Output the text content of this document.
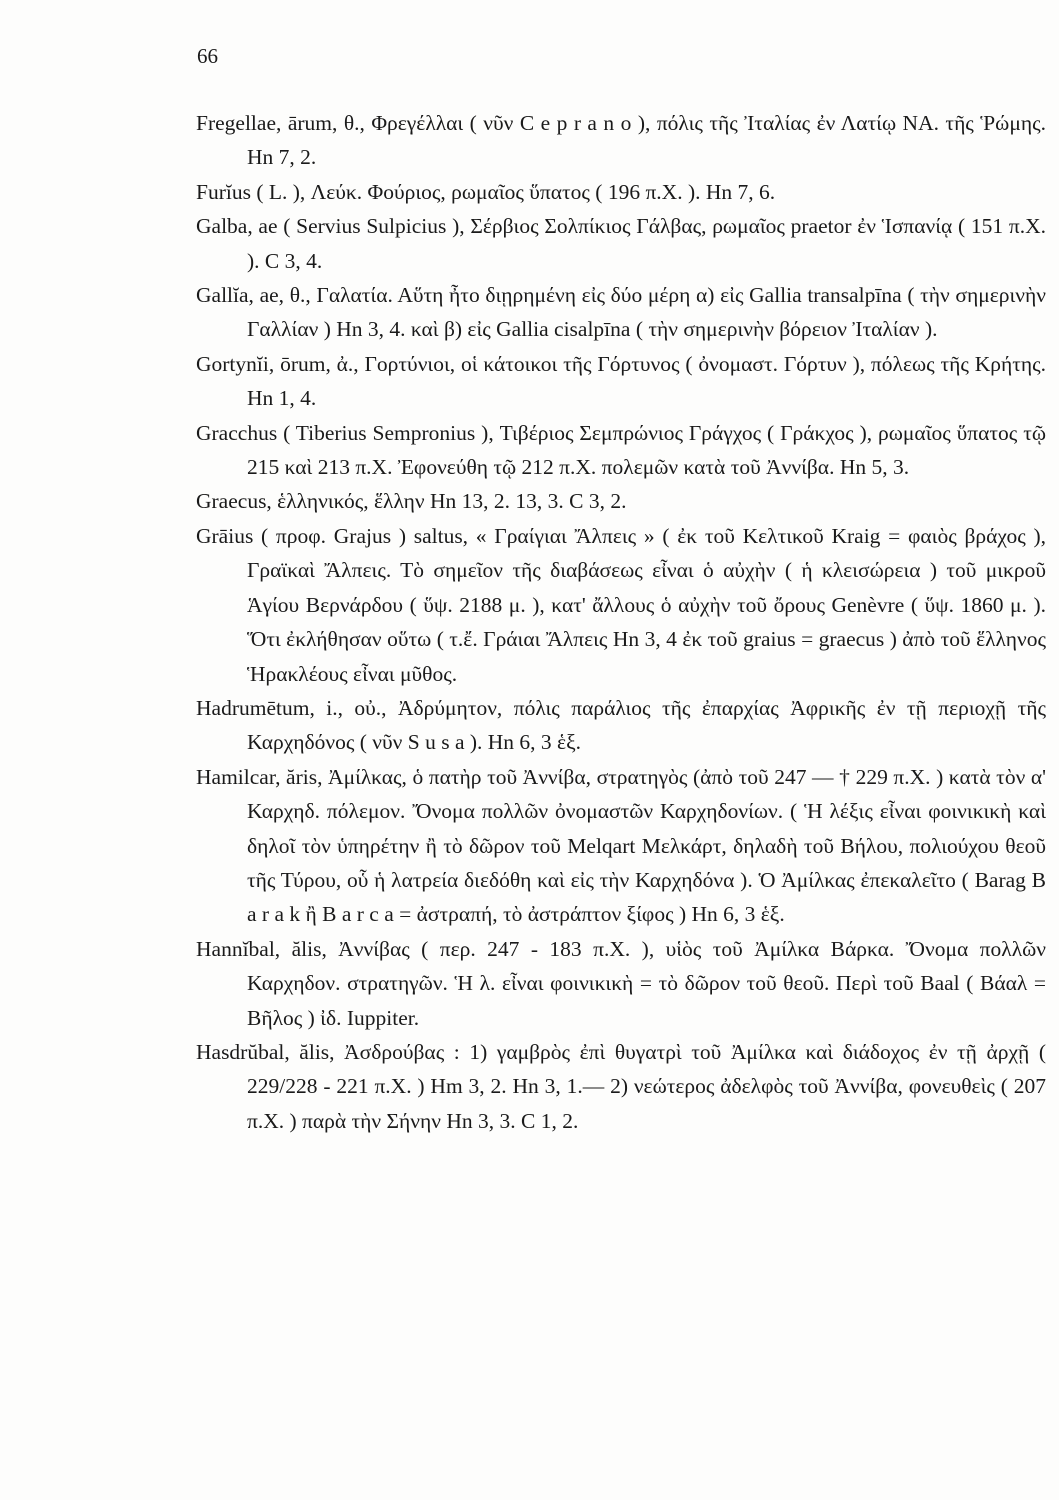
66
Fregellae, ārum, θ., Φρεγέλλαι ( νῦν C e p r a n o ), πόλις τῆς Ἰταλίας ἐν Λατίῳ ΝΑ. τῆς Ῥώμης. Hn 7, 2.
Furĭus ( L. ), Λεύκ. Φούριος, ρωμαῖος ὕπατος ( 196 π.Χ. ). Hn 7, 6.
Galba, ae ( Servius Sulpicius ), Σέρβιος Σολπίκιος Γάλβας, ρωμαῖος praetor ἐν Ἱσπανίᾳ ( 151 π.Χ. ). C 3, 4.
Gallĭa, ae, θ., Γαλατία. Αὕτη ἦτο διῃρημένη εἰς δύο μέρη α) εἰς Gallia transalpīna ( τὴν σημερινὴν Γαλλίαν ) Hn 3, 4. καὶ β) εἰς Gallia cisalpīna ( τὴν σημερινὴν βόρειον Ἰταλίαν ).
Gortynĭi, ōrum, ἀ., Γορτύνιοι, οἱ κάτοικοι τῆς Γόρτυνος ( ὀνομαστ. Γόρτυν ), πόλεως τῆς Κρήτης. Hn 1, 4.
Gracchus ( Tiberius Sempronius ), Τιβέριος Σεμπρώνιος Γράγχος ( Γράκχος ), ρωμαῖος ὕπατος τῷ 215 καὶ 213 π.Χ. Ἐφονεύθη τῷ 212 π.Χ. πολεμῶν κατὰ τοῦ Ἀννίβα. Hn 5, 3.
Graecus, ἑλληνικός, ἕλλην Hn 13, 2. 13, 3. C 3, 2.
Grāius ( προφ. Grajus ) saltus, « Γραίγιαι Ἄλπεις » ( ἐκ τοῦ Κελτικοῦ Kraig = φαιὸς βράχος ), Γραϊκαὶ Ἄλπεις. Τὸ σημεῖον τῆς διαβάσεως εἶναι ὁ αὐχὴν ( ἡ κλεισώρεια ) τοῦ μικροῦ Ἁγίου Βερνάρδου ( ὕψ. 2188 μ. ), κατ' ἄλλους ὁ αὐχὴν τοῦ ὄρους Genèvre ( ὕψ. 1860 μ. ). Ὅτι ἐκλήθησαν οὕτω ( τ.ἔ. Γράιαι Ἄλπεις Hn 3, 4 ἐκ τοῦ graius = graecus ) ἀπὸ τοῦ ἕλληνος Ἡρακλέους εἶναι μῦθος.
Hadrumētum, i., οὐ., Ἀδρύμητον, πόλις παράλιος τῆς ἐπαρχίας Ἀφρικῆς ἐν τῇ περιοχῇ τῆς Καρχηδόνος ( νῦν S u s a ). Hn 6, 3 ἑξ.
Hamilcar, ăris, Ἀμίλκας, ὁ πατὴρ τοῦ Ἀννίβα, στρατηγὸς (ἀπὸ τοῦ 247 — † 229 π.Χ. ) κατὰ τὸν α' Καρχηδ. πόλεμον. Ὄνομα πολλῶν ὀνομαστῶν Καρχηδονίων. ( Ἡ λέξις εἶναι φοινικικὴ καὶ δηλοῖ τὸν ὑπηρέτην ἢ τὸ δῶρον τοῦ Melqart Μελκάρτ, δηλαδὴ τοῦ Βήλου, πολιούχου θεοῦ τῆς Τύρου, οὗ ἡ λατρεία διεδόθη καὶ εἰς τὴν Καρχηδόνα ). Ὁ Ἀμίλκας ἐπεκαλεῖτο ( Barag B a r a k ἢ B a r c a = ἀστραπή, τὸ ἀστράπτον ξίφος ) Hn 6, 3 ἑξ.
Hannĭbal, ălis, Ἀννίβας ( περ. 247 - 183 π.Χ. ), υἱὸς τοῦ Ἀμίλκα Βάρκα. Ὄνομα πολλῶν Καρχηδον. στρατηγῶν. Ἡ λ. εἶναι φοινικικὴ = τὸ δῶρον τοῦ θεοῦ. Περὶ τοῦ Baal ( Βάαλ = Βῆλος ) ἰδ. Iuppiter.
Hasdrŭbal, ălis, Ἀσδρούβας : 1) γαμβρὸς ἐπὶ θυγατρὶ τοῦ Ἀμίλκα καὶ διάδοχος ἐν τῇ ἀρχῇ ( 229/228 - 221 π.Χ. ) Hm 3, 2. Hn 3, 1.— 2) νεώτερος ἀδελφὸς τοῦ Ἀννίβα, φονευθεὶς ( 207 π.Χ. ) παρὰ τὴν Σήνην Hn 3, 3. C 1, 2.
